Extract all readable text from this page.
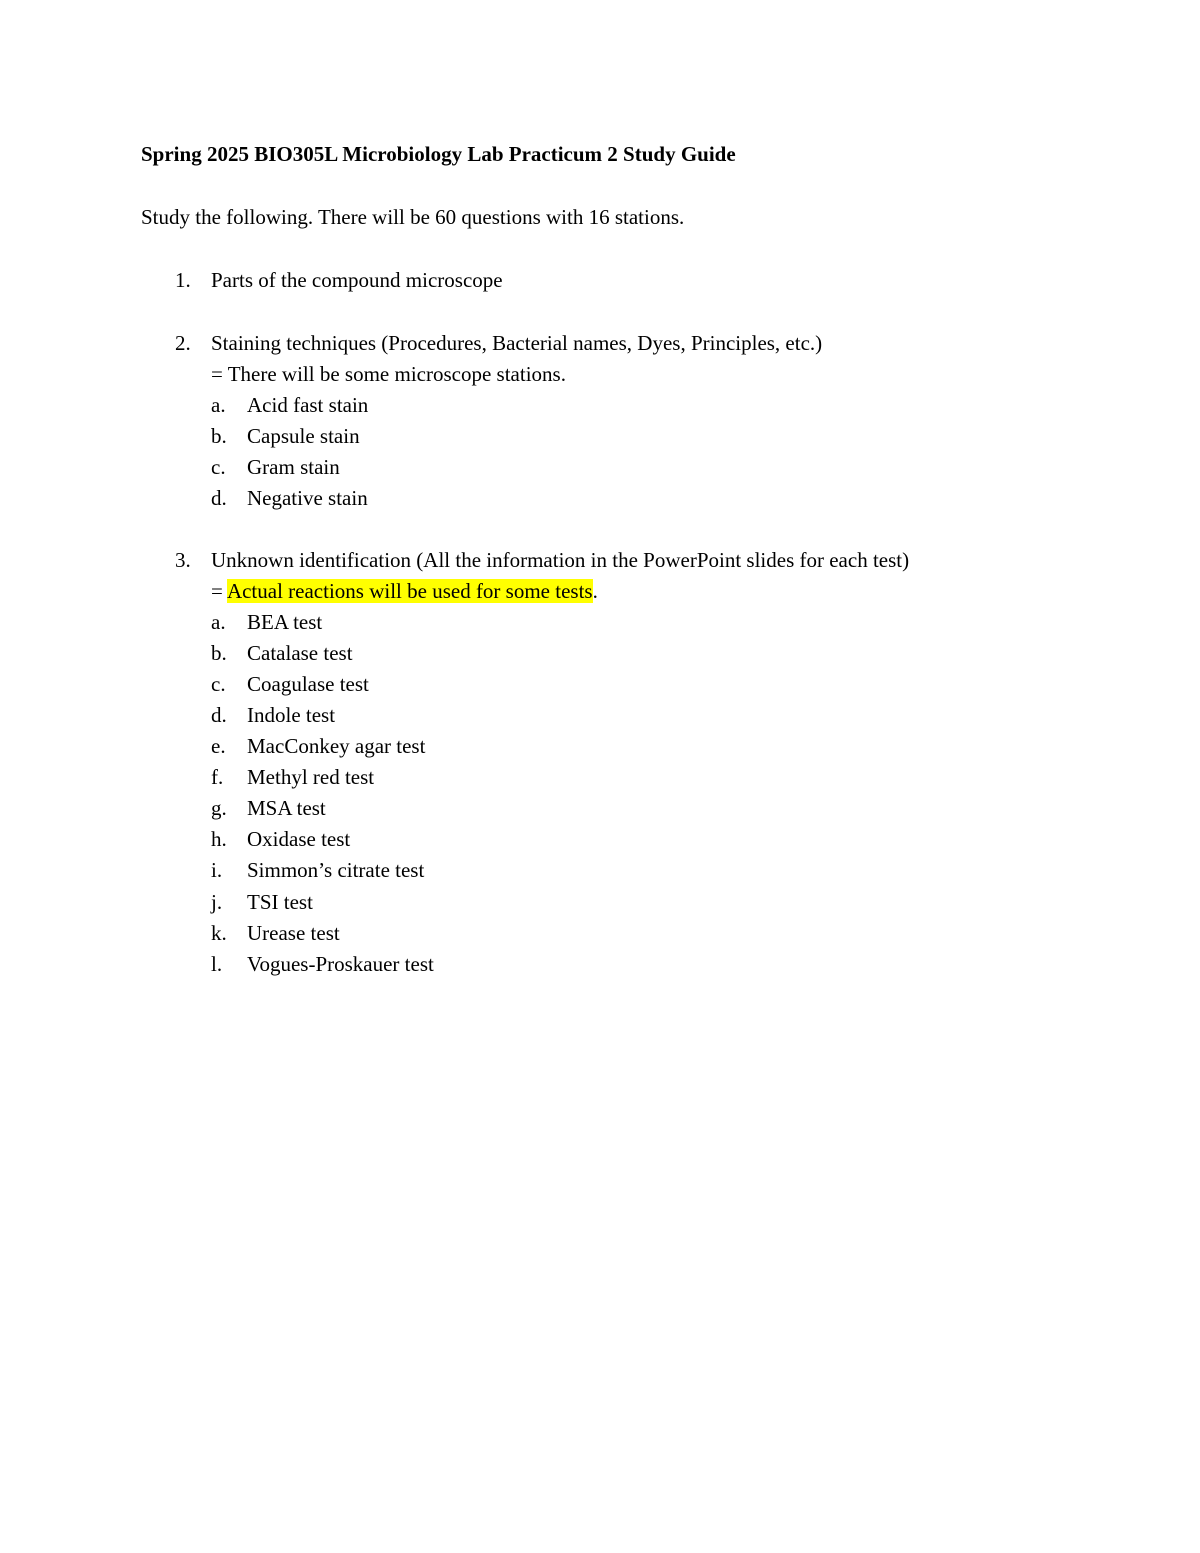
Spring 2025 BIO305L Microbiology Lab Practicum 2 Study Guide

Study the following. There will be 60 questions with 16 stations.

1. Parts of the compound microscope
2. Staining techniques (Procedures, Bacterial names, Dyes, Principles, etc.)
= There will be some microscope stations.
a.	Acid fast stain
b. Capsule stain
c.	Gram stain
d. Negative stain
3. Unknown identification (All the information in the PowerPoint slides for each test)
= Actual reactions will be used for some tests.
a.	BEA test
b. Catalase test
c.	Coagulase test
d. Indole test
e.	MacConkey agar test
f.	Methyl red test
g. MSA test
h. Oxidase test
i.	Simmon’s citrate test
j.	TSI test
k. Urease test
l.	Vogues-Proskauer test
